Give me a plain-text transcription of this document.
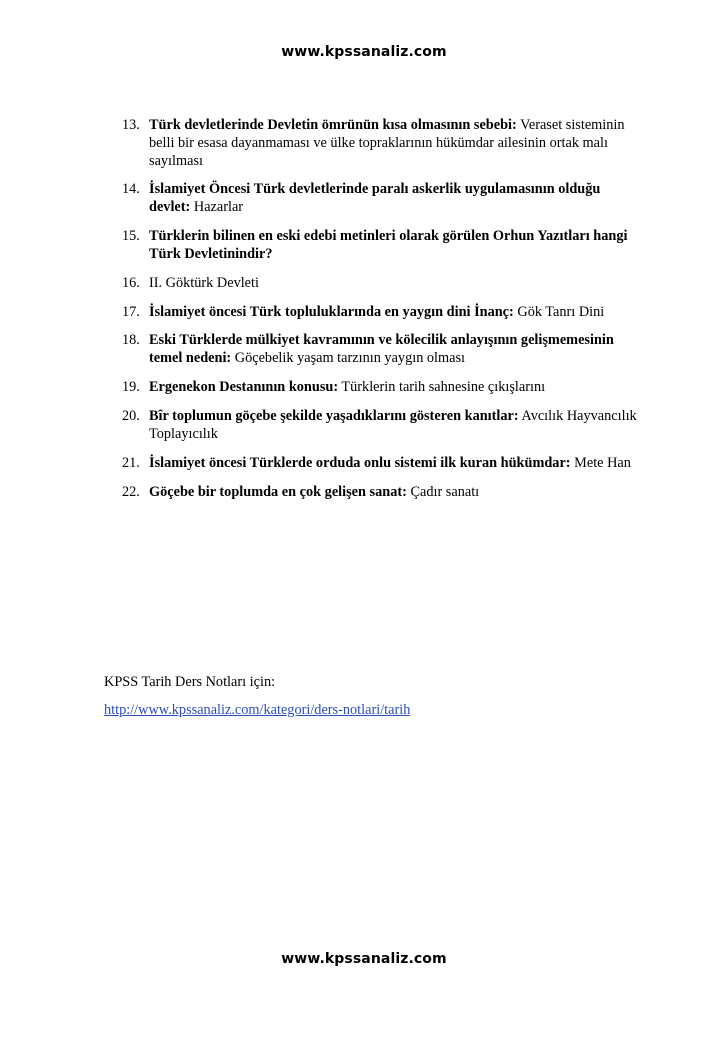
www.kpssanaliz.com
13. Türk devletlerinde Devletin ömrünün kısa olmasının sebebi: Veraset sisteminin belli bir esasa dayanmaması ve ülke topraklarının hükümdar ailesinin ortak malı sayılması
14. İslamiyet Öncesi Türk devletlerinde paralı askerlik uygulamasının olduğu devlet: Hazarlar
15. Türklerin bilinen en eski edebi metinleri olarak görülen Orhun Yazıtları hangi Türk Devletinindir?
16. II. Göktürk Devleti
17. İslamiyet öncesi Türk topluluklarında en yaygın dini İnanç: Gök Tanrı Dini
18. Eski Türklerde mülkiyet kavramının ve kölecilik anlayışının gelişmemesinin temel nedeni: Göçebelik yaşam tarzının yaygın olması
19. Ergenekon Destanının konusu: Türklerin tarih sahnesine çıkışlarını
20. Bîr toplumun göçebe şekilde yaşadıklarını gösteren kanıtlar: Avcılık Hayvancılık Toplayıcılık
21. İslamiyet öncesi Türklerde orduda onlu sistemi ilk kuran hükümdar: Mete Han
22. Göçebe bir toplumda en çok gelişen sanat: Çadır sanatı
KPSS Tarih Ders Notları için:
http://www.kpssanaliz.com/kategori/ders-notlari/tarih
www.kpssanaliz.com
